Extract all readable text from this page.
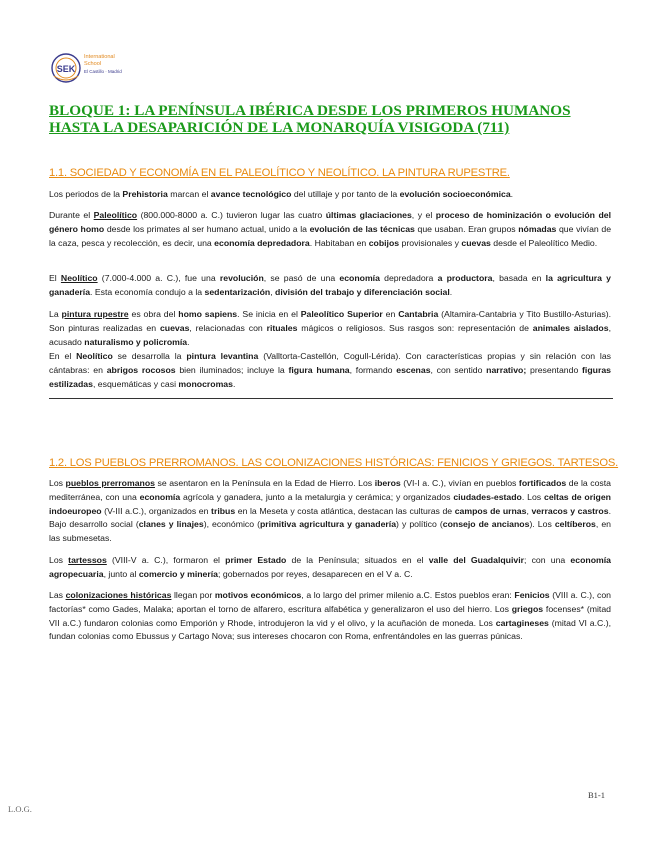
SEK
International
School
El Castillo · Madrid
BLOQUE 1: LA PENÍNSULA IBÉRICA DESDE LOS PRIMEROS HUMANOS HASTA LA DESAPARICIÓN DE LA MONARQUÍA VISIGODA (711)
1.1. SOCIEDAD Y ECONOMÍA EN EL PALEOLÍTICO Y NEOLÍTICO. LA PINTURA RUPESTRE.
Los periodos de la Prehistoria marcan el avance tecnológico del utillaje y por tanto de la evolución socioeconómica.
Durante el Paleolítico (800.000-8000 a. C.) tuvieron lugar las cuatro últimas glaciaciones, y el proceso de hominización o evolución del género homo desde los primates al ser humano actual, unido a la evolución de las técnicas que usaban. Eran grupos nómadas que vivían de la caza, pesca y recolección, es decir, una economía depredadora. Habitaban en cobijos provisionales y cuevas desde el Paleolítico Medio.
El Neolítico (7.000-4.000 a. C.), fue una revolución, se pasó de una economía depredadora a productora, basada en la agricultura y ganadería. Esta economía condujo a la sedentarización, división del trabajo y diferenciación social.
La pintura rupestre es obra del homo sapiens. Se inicia en el Paleolítico Superior en Cantabria (Altamira-Cantabria y Tito Bustillo-Asturias). Son pinturas realizadas en cuevas, relacionadas con rituales mágicos o religiosos. Sus rasgos son: representación de animales aislados, acusado naturalismo y policromía.
En el Neolítico se desarrolla la pintura levantina (Valltorta-Castellón, Cogull-Lérida). Con características propias y sin relación con las cántabras: en abrigos rocosos bien iluminados; incluye la figura humana, formando escenas, con sentido narrativo; presentando figuras estilizadas, esquemáticas y casi monocromas.
1.2. LOS PUEBLOS PRERROMANOS. LAS COLONIZACIONES HISTÓRICAS: FENICIOS Y GRIEGOS. TARTESOS.
Los pueblos prerromanos se asentaron en la Península en la Edad de Hierro. Los iberos (VI-I a. C.), vivían en pueblos fortificados de la costa mediterránea, con una economía agrícola y ganadera, junto a la metalurgia y cerámica; y organizados ciudades-estado. Los celtas de origen indoeuropeo (V-III a.C.), organizados en tribus en la Meseta y costa atlántica, destacan las culturas de campos de urnas, verracos y castros. Bajo desarrollo social (clanes y linajes), económico (primitiva agricultura y ganadería) y político (consejo de ancianos). Los celtíberos, en las submesetas.
Los tartessos (VIII-V a. C.), formaron el primer Estado de la Península; situados en el valle del Guadalquivir; con una economía agropecuaria, junto al comercio y minería; gobernados por reyes, desaparecen en el V a. C.
Las colonizaciones históricas llegan por motivos económicos, a lo largo del primer milenio a.C. Estos pueblos eran: Fenicios (VIII a. C.), con factorías* como Gades, Malaka; aportan el torno de alfarero, escritura alfabética y generalizaron el uso del hierro. Los griegos focenses* (mitad VII a.C.) fundaron colonias como Emporión y Rhode, introdujeron la vid y el olivo, y la acuñación de moneda. Los cartagineses (mitad VI a.C.), fundan colonias como Ebussus y Cartago Nova; sus intereses chocaron con Roma, enfrentándoles en las guerras púnicas.
L.O.G.
B1-1
